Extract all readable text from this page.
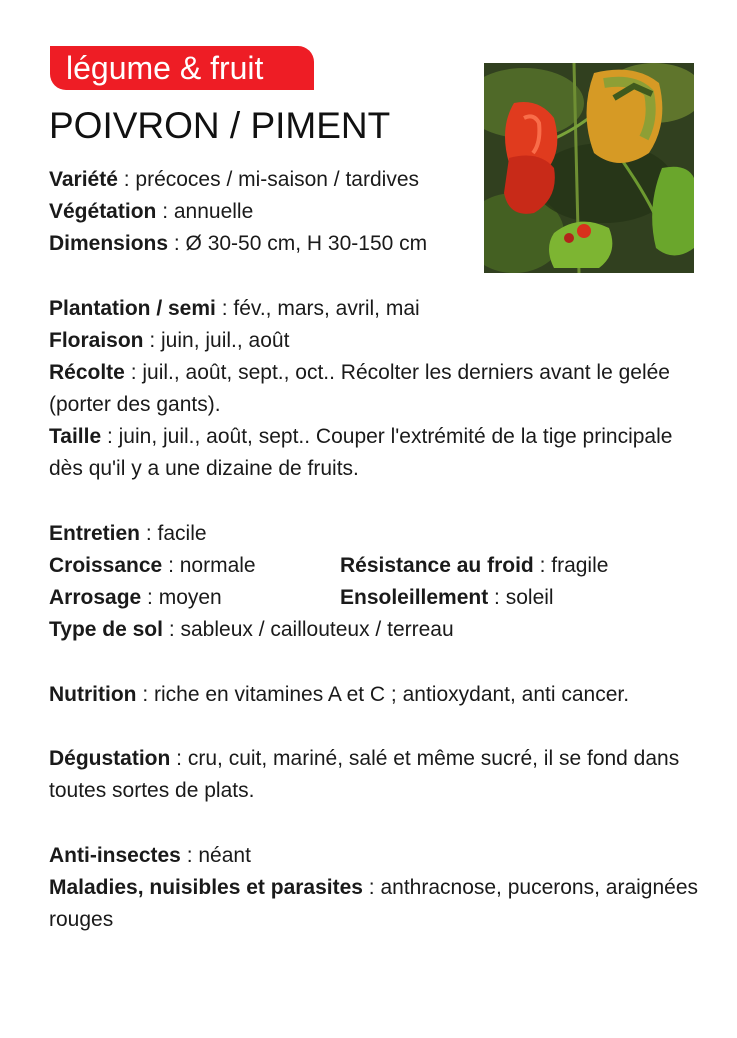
légume & fruit
POIVRON / PIMENT
Variété : précoces / mi-saison / tardives
Végétation : annuelle
Dimensions : Ø 30-50 cm, H 30-150 cm
Plantation / semi : fév., mars, avril, mai
Floraison : juin, juil., août
Récolte : juil., août, sept., oct.. Récolter les derniers avant le gelée (porter des gants).
Taille : juin, juil., août, sept.. Couper l'extrémité de la tige principale dès qu'il y a une dizaine de fruits.
Entretien : facile
Croissance : normale	Résistance au froid : fragile
Arrosage : moyen	Ensoleillement : soleil
Type de sol : sableux / caillouteux / terreau
Nutrition : riche en vitamines A et C ; antioxydant, anti cancer.
Dégustation : cru, cuit, mariné, salé et même sucré, il se fond dans toutes sortes de plats.
Anti-insectes : néant
Maladies, nuisibles et parasites : anthracnose, pucerons, araignées rouges
